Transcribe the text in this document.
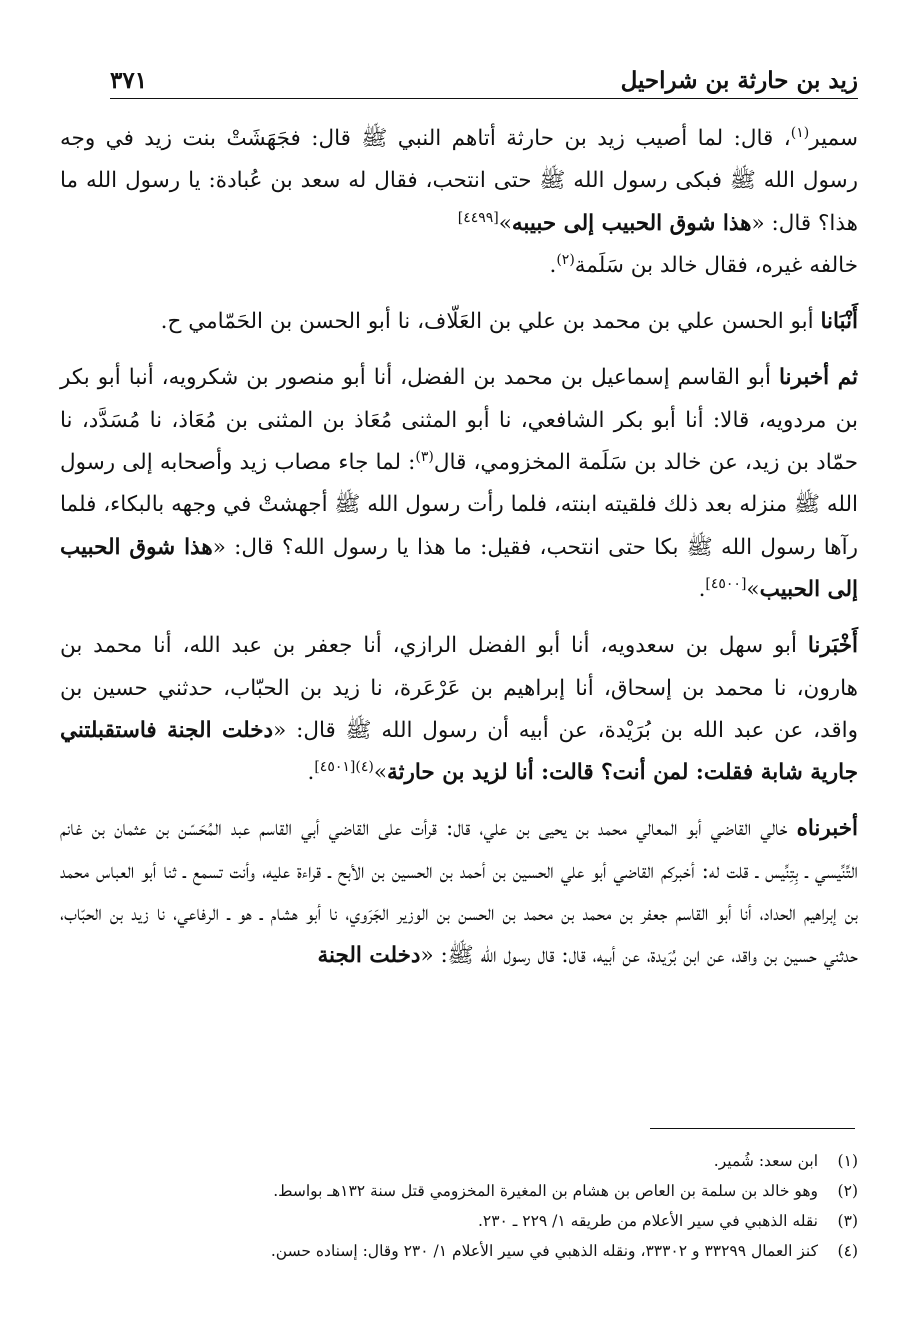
٣٧١	زيد بن حارثة بن شراحيل

سمير$^{(١)}$، قال: لما أصيب زيد بن حارثة أتاهم النبي ﷺ قال: فجَهَشَتْ بنت زيد في وجه رسول الله ﷺ فبكى رسول الله ﷺ حتى انتحب، فقال له سعد بن عُبادة: يا رسول الله ما هذا؟ قال: «هذا شوق الحبيب إلى حبيبه»[٤٤٩٩]

خالفه غيره، فقال خالد بن سَلَمة$^{(٢)}$.

أَنْبَانا أبو الحسن علي بن محمد بن علي بن العَلّاف، نا أبو الحسن بن الحَمّامي ح.

ثم أخبرنا أبو القاسم إسماعيل بن محمد بن الفضل، أنا أبو منصور بن شكرويه، أنبا أبو بكر بن مردويه، قالا: أنا أبو بكر الشافعي، نا أبو المثنى مُعَاذ بن المثنى بن مُعَاذ، نا مُسَدَّد، نا حمّاد بن زيد، عن خالد بن سَلَمة المخزومي، قال$^{(٣)}$: لما جاء مصاب زيد وأصحابه إلى رسول الله ﷺ منزله بعد ذلك فلقيته ابنته، فلما رأت رسول الله ﷺ أجهشتْ في وجهه بالبكاء، فلما رآها رسول الله ﷺ بكا حتى انتحب، فقيل: ما هذا يا رسول الله؟ قال: «هذا شوق الحبيب إلى الحبيب»[٤٥٠٠].

أَخْبَرنا أبو سهل بن سعدويه، أنا أبو الفضل الرازي، أنا جعفر بن عبد الله، أنا محمد بن هارون، نا محمد بن إسحاق، أنا إبراهيم بن عَرْعَرة، نا زيد بن الحبّاب، حدثني حسين بن واقد، عن عبد الله بن بُرَيْدة، عن أبيه أن رسول الله ﷺ قال: «دخلت الجنة فاستقبلتني جارية شابة فقلت: لمن أنت؟ قالت: أنا لزيد بن حارثة»$^{(٤)[٤٥٠١]}$.

أخبرناه خالي القاضي أبو المعالي محمد بن يحيى بن علي، قال: قرأت على القاضي أبي القاسم عبد المُحَسّن بن عثمان بن غانم التِّنِّيسي ـ بِتِنِّيس ـ قلت له: أخبركم القاضي أبو علي الحسين بن أحمد بن الحسين بن الأبح ـ قراءة عليه، وأنت تسمع ـ ثنا أبو العباس محمد بن إبراهيم الحداد، أنا أبو القاسم جعفر بن محمد بن محمد بن الحسن بن الوزير الجَرَوي، نا أبو هشام ـ هو ـ الرفاعي، نا زيد بن الحبّاب، حدثني حسين بن واقد، عن ابن بُرَيدة، عن أبيه، قال: قال رسول الله ﷺ: «دخلت الجنة

(١)
ابن سعد: شُمير.
(٢)
وهو خالد بن سلمة بن العاص بن هشام بن المغيرة المخزومي قتل سنة ١٣٢هـ بواسط.
(٣)
نقله الذهبي في سير الأعلام من طريقه ١/ ٢٢٩ ـ ٢٣٠.
(٤)
كنز العمال ٣٣٢٩٩ و ٣٣٣٠٢، ونقله الذهبي في سير الأعلام ١/ ٢٣٠ وقال: إسناده حسن.
